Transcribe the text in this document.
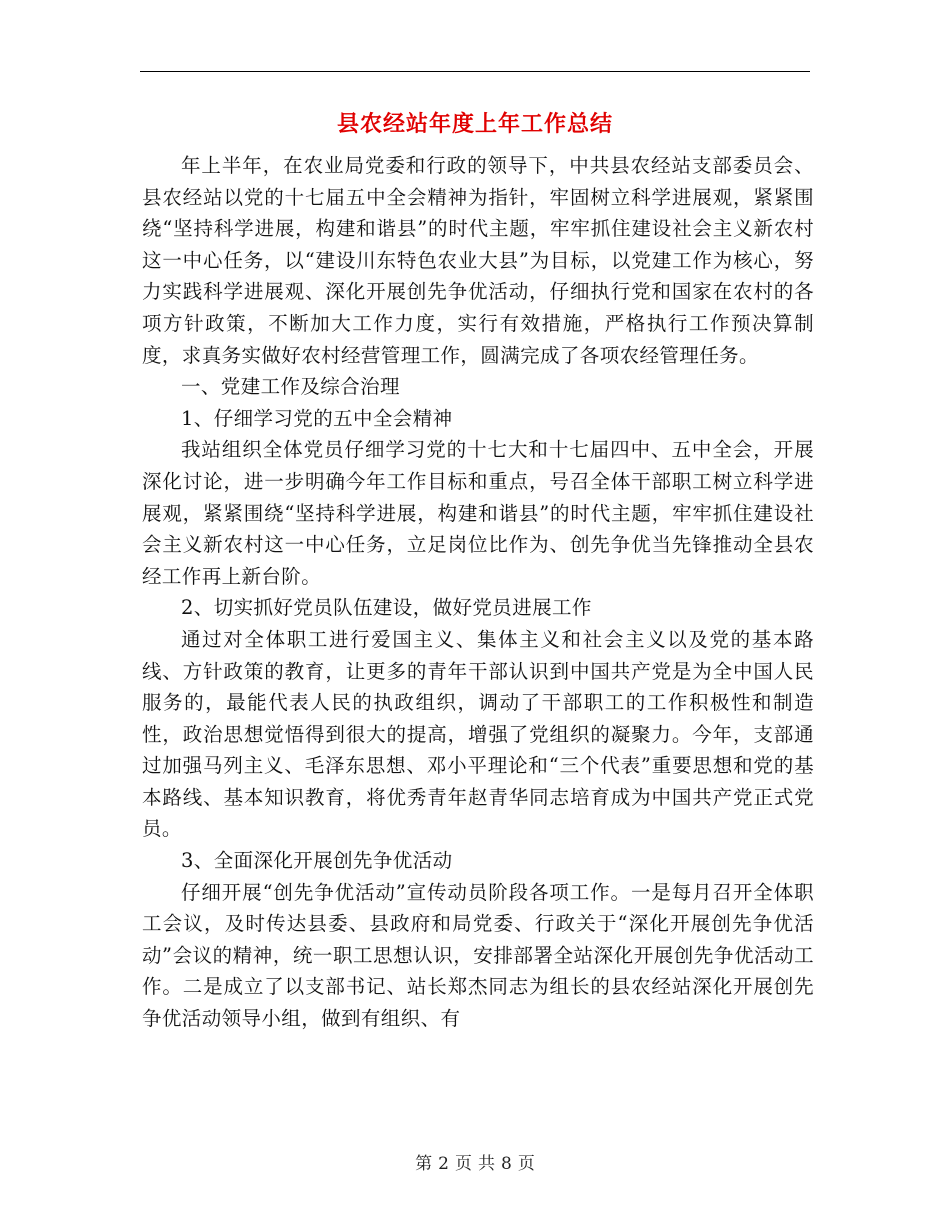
县农经站年度上年工作总结

年上半年，在农业局党委和行政的领导下，中共县农经站支部委员会、县农经站以党的十七届五中全会精神为指针，牢固树立科学进展观，紧紧围绕“坚持科学进展，构建和谐县”的时代主题，牢牢抓住建设社会主义新农村这一中心任务，以“建设川东特色农业大县”为目标，以党建工作为核心，努力实践科学进展观、深化开展创先争优活动，仔细执行党和国家在农村的各项方针政策，不断加大工作力度，实行有效措施，严格执行工作预决算制度，求真务实做好农村经营管理工作，圆满完成了各项农经管理任务。

一、党建工作及综合治理

1、仔细学习党的五中全会精神

我站组织全体党员仔细学习党的十七大和十七届四中、五中全会，开展深化讨论，进一步明确今年工作目标和重点，号召全体干部职工树立科学进展观，紧紧围绕“坚持科学进展，构建和谐县”的时代主题，牢牢抓住建设社会主义新农村这一中心任务，立足岗位比作为、创先争优当先锋推动全县农经工作再上新台阶。

2、切实抓好党员队伍建设，做好党员进展工作

通过对全体职工进行爱国主义、集体主义和社会主义以及党的基本路线、方针政策的教育，让更多的青年干部认识到中国共产党是为全中国人民服务的，最能代表人民的执政组织，调动了干部职工的工作积极性和制造性，政治思想觉悟得到很大的提高，增强了党组织的凝聚力。今年，支部通过加强马列主义、毛泽东思想、邓小平理论和“三个代表”重要思想和党的基本路线、基本知识教育，将优秀青年赵青华同志培育成为中国共产党正式党员。

3、全面深化开展创先争优活动

仔细开展“创先争优活动”宣传动员阶段各项工作。一是每月召开全体职工会议，及时传达县委、县政府和局党委、行政关于“深化开展创先争优活动”会议的精神，统一职工思想认识，安排部署全站深化开展创先争优活动工作。二是成立了以支部书记、站长郑杰同志为组长的县农经站深化开展创先争优活动领导小组，做到有组织、有

第 2 页 共 8 页
